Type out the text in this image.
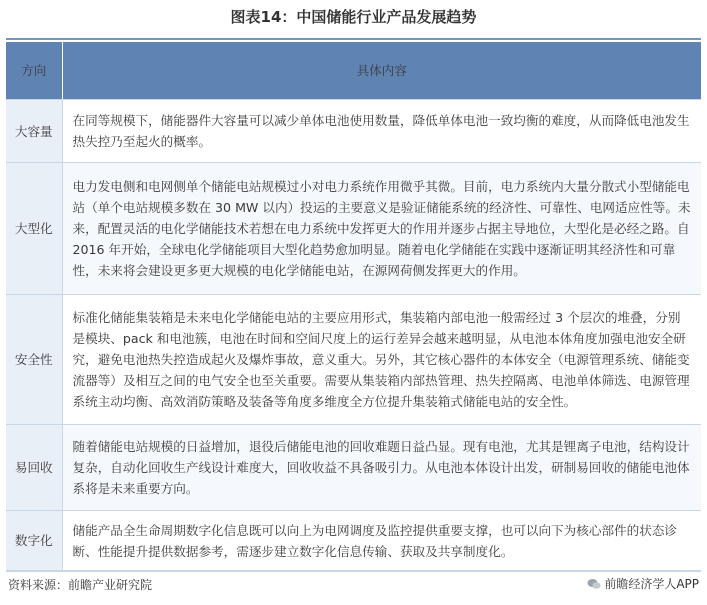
图表14：中国储能行业产品发展趋势
方向	具体内容
大容量	在同等规模下，储能器件大容量可以减少单体电池使用数量，降低单体电池一致均衡的难度，从而降低电池发生热失控乃至起火的概率。
大型化	电力发电侧和电网侧单个储能电站规模过小对电力系统作用微乎其微。目前，电力系统内大量分散式小型储能电站（单个电站规模多数在 30 MW 以内）投运的主要意义是验证储能系统的经济性、可靠性、电网适应性等。未来，配置灵活的电化学储能技术若想在电力系统中发挥更大的作用并逐步占据主导地位，大型化是必经之路。自 2016 年开始，全球电化学储能项目大型化趋势愈加明显。随着电化学储能在实践中逐渐证明其经济性和可靠性，未来将会建设更多更大规模的电化学储能电站，在源网荷侧发挥更大的作用。
安全性	标准化储能集装箱是未来电化学储能电站的主要应用形式，集装箱内部电池一般需经过 3 个层次的堆叠，分别是模块、pack 和电池簇，电池在时间和空间尺度上的运行差异会越来越明显，从电池本体角度加强电池安全研究，避免电池热失控造成起火及爆炸事故，意义重大。另外，其它核心器件的本体安全（电源管理系统、储能变流器等）及相互之间的电气安全也至关重要。需要从集装箱内部热管理、热失控隔离、电池单体筛选、电源管理系统主动均衡、高效消防策略及装备等角度多维度全方位提升集装箱式储能电站的安全性。
易回收	随着储能电站规模的日益增加，退役后储能电池的回收难题日益凸显。现有电池，尤其是锂离子电池，结构设计复杂，自动化回收生产线设计难度大，回收收益不具备吸引力。从电池本体设计出发，研制易回收的储能电池体系将是未来重要方向。
数字化	储能产品全生命周期数字化信息既可以向上为电网调度及监控提供重要支撑，也可以向下为核心部件的状态诊断、性能提升提供数据参考，需逐步建立数字化信息传输、获取及共享制度化。
资料来源：前瞻产业研究院	前瞻经济学人APP
